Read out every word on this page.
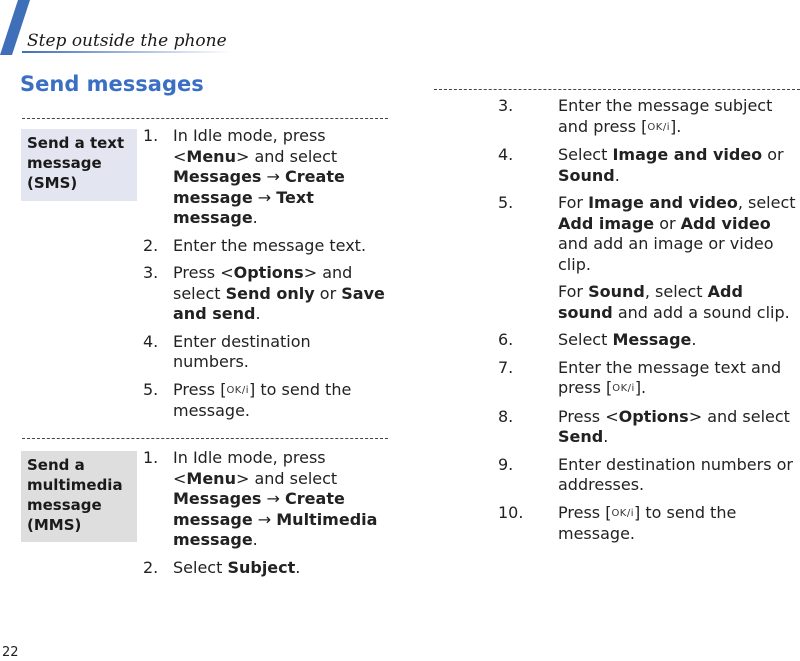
Step outside the phone
Send messages
Send a text message (SMS)
Send a multimedia message (MMS)
1. In Idle mode, press <Menu> and select Messages → Create message → Text message.

2. Enter the message text.

3. Press <Options> and select Send only or Save and send.

4. Enter destination numbers.

5. Press [OK/i] to send the message.

1. In Idle mode, press <Menu> and select Messages → Create message → Multimedia message.

2. Select Subject.

3.	Enter the message subject and press [OK/i].

4.	Select Image and video or Sound.

5.	For Image and video, select Add image or Add video and add an image or video clip.

For Sound, select Add sound and add a sound clip.

6.	Select Message.

7.	Enter the message text and press [OK/i].

8.	Press <Options> and select Send.

9.	Enter destination numbers or addresses.

10. Press [OK/i] to send the message.

22
